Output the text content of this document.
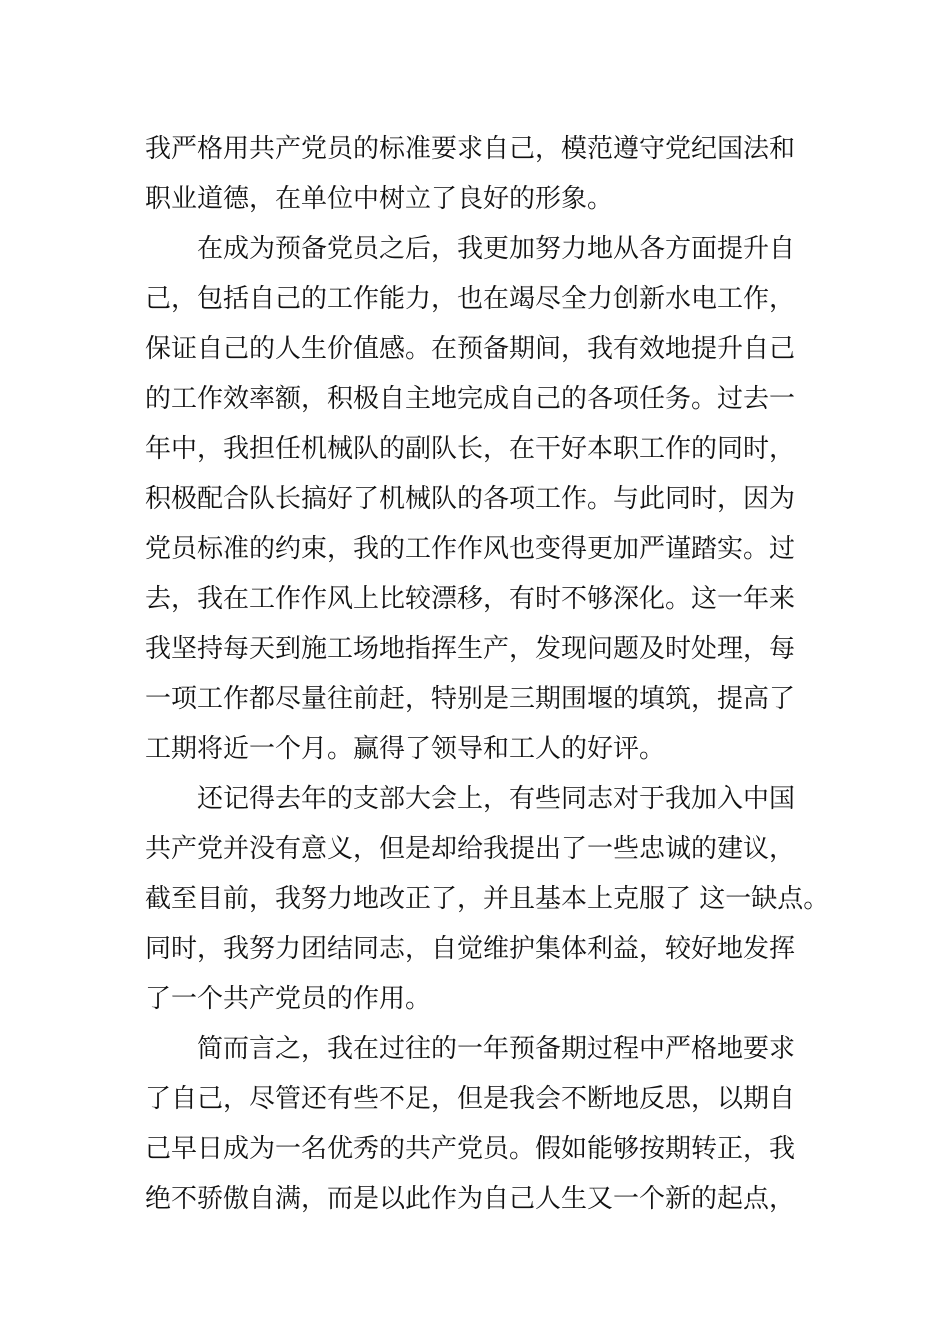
我严格用共产党员的标准要求自己，模范遵守党纪国法和

职业道德，在单位中树立了良好的形象。

在成为预备党员之后，我更加努力地从各方面提升自

己，包括自己的工作能力，也在竭尽全力创新水电工作，

保证自己的人生价值感。在预备期间，我有效地提升自己

的工作效率额，积极自主地完成自己的各项任务。过去一

年中，我担任机械队的副队长，在干好本职工作的同时，

积极配合队长搞好了机械队的各项工作。与此同时，因为

党员标准的约束，我的工作作风也变得更加严谨踏实。过

去，我在工作作风上比较漂移，有时不够深化。这一年来

我坚持每天到施工场地指挥生产，发现问题及时处理，每

一项工作都尽量往前赶，特别是三期围堰的填筑，提高了

工期将近一个月。赢得了领导和工人的好评。

还记得去年的支部大会上，有些同志对于我加入中国

共产党并没有意义，但是却给我提出了一些忠诚的建议，

截至目前，我努力地改正了，并且基本上克服了 这一缺点。

同时，我努力团结同志，自觉维护集体利益，较好地发挥

了一个共产党员的作用。

简而言之，我在过往的一年预备期过程中严格地要求

了自己，尽管还有些不足，但是我会不断地反思，以期自

己早日成为一名优秀的共产党员。假如能够按期转正，我

绝不骄傲自满，而是以此作为自己人生又一个新的起点，
